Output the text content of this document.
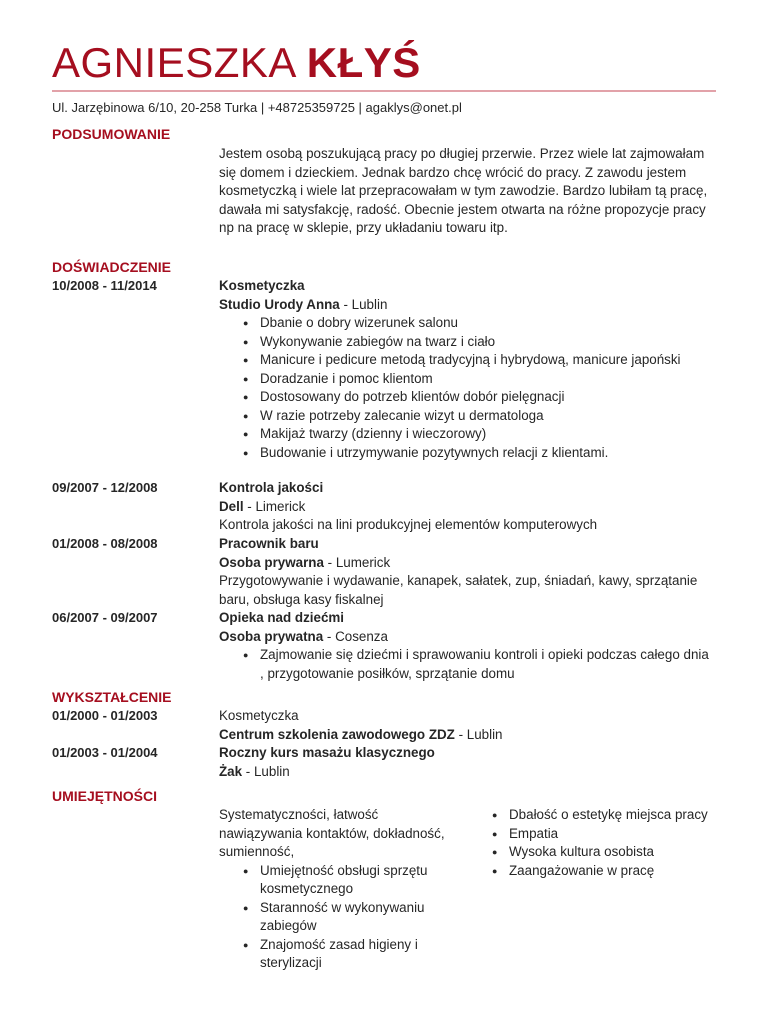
AGNIESZKA KŁYŚ
Ul. Jarzębinowa 6/10, 20-258 Turka | +48725359725 | agaklys@onet.pl
PODSUMOWANIE

Jestem osobą poszukującą pracy po długiej przerwie. Przez wiele lat zajmowałam się domem i dzieckiem. Jednak bardzo chcę wrócić do pracy. Z zawodu jestem kosmetyczką i wiele lat przepracowałam w tym zawodzie. Bardzo lubiłam tą pracę, dawała mi satysfakcję, radość. Obecnie jestem otwarta na różne propozycje pracy np na pracę w sklepie, przy układaniu towaru itp.

DOŚWIADCZENIE
10/2008 - 11/2014	Kosmetyczka
Studio Urody Anna - Lublin
● Dbanie o dobry wizerunek salonu
● Wykonywanie zabiegów na twarz i ciało
● Manicure i pedicure metodą tradycyjną i hybrydową, manicure japoński
● Doradzanie i pomoc klientom
● Dostosowany do potrzeb klientów dobór pielęgnacji
● W razie potrzeby zalecanie wizyt u dermatologa
● Makijaż twarzy (dzienny i wieczorowy)
● Budowanie i utrzymywanie pozytywnych relacji z klientami.
09/2007 - 12/2008	Kontrola jakości
Dell - Limerick

Kontrola jakości na lini produkcyjnej elementów komputerowych

01/2008 - 08/2008	Pracownik baru
Osoba prywarna - Lumerick

Przygotowywanie i wydawanie, kanapek, sałatek, zup, śniadań, kawy, sprzątanie baru, obsługa kasy fiskalnej

06/2007 - 09/2007	Opieka nad dziećmi
Osoba prywatna - Cosenza
● Zajmowanie się dziećmi i sprawowaniu kontroli i opieki podczas całego dnia , przygotowanie posiłków, sprzątanie domu
WYKSZTAŁCENIE
01/2000 - 01/2003	Kosmetyczka
Centrum szkolenia zawodowego ZDZ - Lublin
01/2003 - 01/2004	Roczny kurs masażu klasycznego
Żak - Lublin
UMIEJĘTNOŚCI
Systematyczności, łatwość nawiązywania kontaktów, dokładność, sumienność,
● Umiejętność obsługi sprzętu kosmetycznego
● Staranność w wykonywaniu zabiegów
● Znajomość zasad higieny i sterylizacji
● Dbałość o estetykę miejsca pracy
● Empatia
● Wysoka kultura osobista
● Zaangażowanie w pracę
